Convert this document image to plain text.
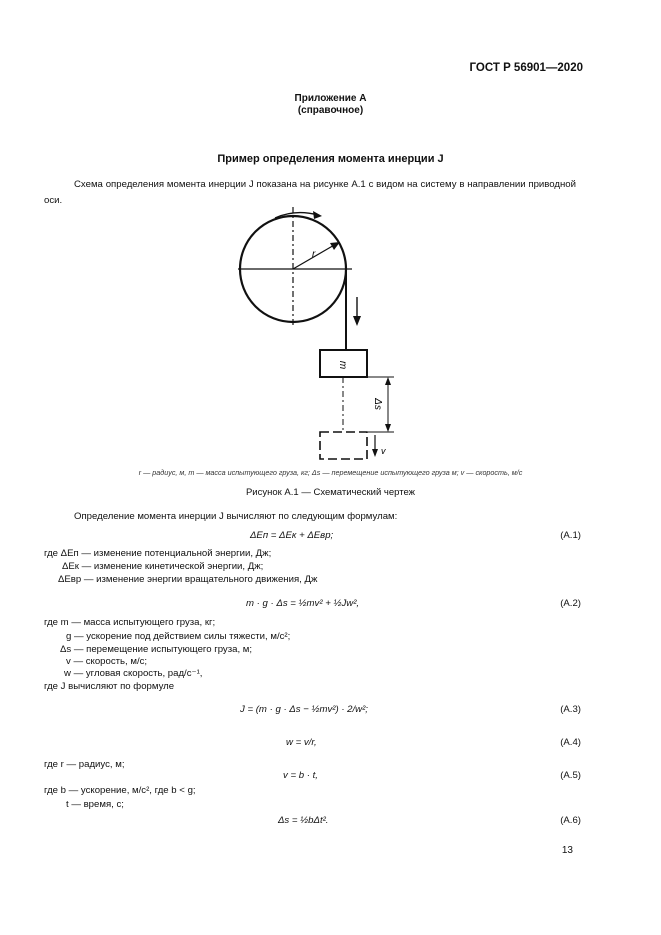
ГОСТ Р 56901—2020
Приложение А
(справочное)
Пример определения момента инерции J
Схема определения момента инерции J показана на рисунке А.1 с видом на систему в направлении приводной оси.
r
m
Δs
v
r — радиус, м, m — масса испытующего груза, кг; Δs — перемещение испытующего груза м; v — скорость, м/с
Рисунок А.1 — Схематический чертеж
Определение момента инерции J вычисляют по следующим формулам:
ΔEп = ΔEк + ΔEвр;	(А.1)
где ΔEп — изменение потенциальной энергии, Дж;
ΔEк — изменение кинетической энергии, Дж;
ΔEвр — изменение энергии вращательного движения, Дж
m · g · Δs = ½mv² + ½Jw²,	(А.2)
где m — масса испытующего груза, кг;
g — ускорение под действием силы тяжести, м/с²;
Δs — перемещение испытующего груза, м;
v — скорость, м/с;
w — угловая скорость, рад/с⁻¹,
где J вычисляют по формуле
J = (m · g · Δs − ½mv²) · 2/w²;	(А.3)
w = v/r,	(А.4)
где r — радиус, м;
v = b · t,	(А.5)
где b — ускорение, м/с², где b < g;
t — время, с;
Δs = ½bΔt².	(А.6)
13
